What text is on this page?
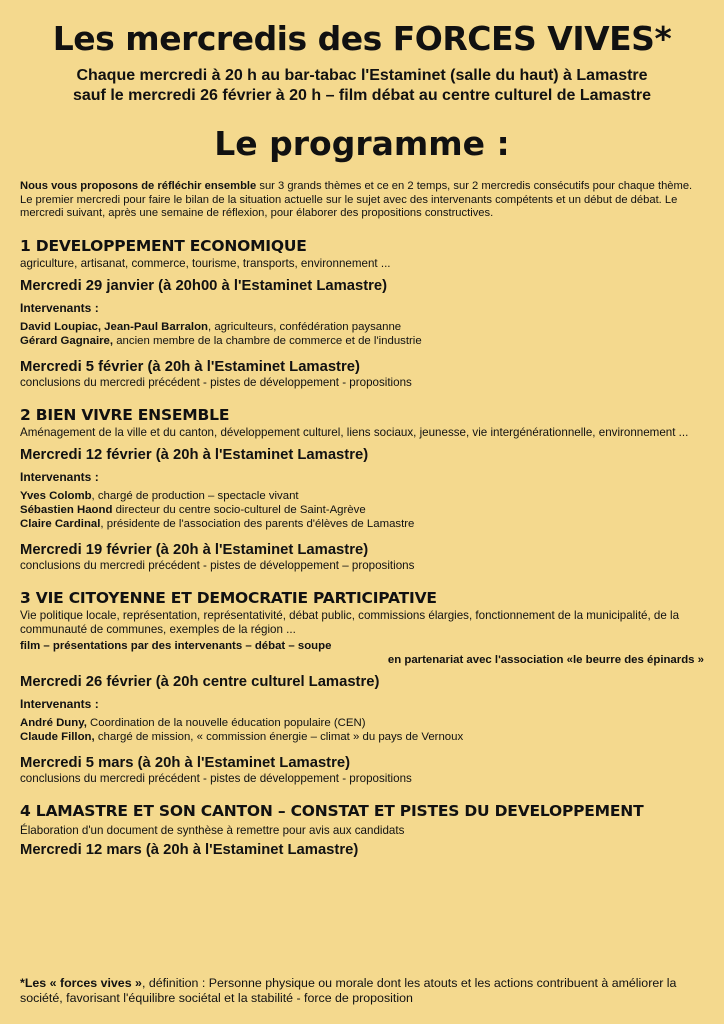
Les mercredis des FORCES VIVES*
Chaque mercredi à 20 h au bar-tabac l'Estaminet (salle du haut) à Lamastre
sauf le mercredi 26 février à 20 h – film débat au centre culturel de Lamastre
Le programme :

Nous vous proposons de réfléchir ensemble sur 3 grands thèmes et ce en 2 temps, sur 2 mercredis consécutifs pour chaque thème. Le premier mercredi pour faire le bilan de la situation actuelle sur le sujet avec des intervenants compétents et un début de débat. Le mercredi suivant, après une semaine de réflexion, pour élaborer des propositions constructives.

1 DEVELOPPEMENT ECONOMIQUE
agriculture, artisanat, commerce, tourisme, transports, environnement ...
Mercredi 29 janvier (à 20h00 à l'Estaminet Lamastre)
Intervenants :
David Loupiac, Jean-Paul Barralon, agriculteurs, confédération paysanne
Gérard Gagnaire, ancien membre de la chambre de commerce et de l'industrie
Mercredi 5 février (à 20h à l'Estaminet Lamastre)
conclusions du mercredi précédent - pistes de développement - propositions
2 BIEN VIVRE ENSEMBLE
Aménagement de la ville et du canton, développement culturel, liens sociaux, jeunesse, vie intergénérationnelle, environnement ...
Mercredi 12 février (à 20h à l'Estaminet Lamastre)
Intervenants :
Yves Colomb, chargé de production – spectacle vivant
Sébastien Haond directeur du centre socio-culturel de Saint-Agrève
Claire Cardinal, présidente de l'association des parents d'élèves de Lamastre
Mercredi 19 février (à 20h à l'Estaminet Lamastre)
conclusions du mercredi précédent - pistes de développement – propositions
3 VIE CITOYENNE ET DEMOCRATIE PARTICIPATIVE
Vie politique locale, représentation, représentativité, débat public, commissions élargies, fonctionnement de la municipalité, de la communauté de communes, exemples de la région ...
film – présentations par des intervenants – débat – soupe
en partenariat avec l'association «le beurre des épinards »
Mercredi 26 février (à 20h centre culturel Lamastre)
Intervenants :
André Duny, Coordination de la nouvelle éducation populaire (CEN)
Claude Fillon, chargé de mission, « commission énergie – climat » du pays de Vernoux
Mercredi 5 mars (à 20h à l'Estaminet Lamastre)
conclusions du mercredi précédent - pistes de développement - propositions
4 LAMASTRE ET SON CANTON – CONSTAT ET PISTES DU DEVELOPPEMENT
Élaboration d'un document de synthèse à remettre pour avis aux candidats
Mercredi 12 mars (à 20h à l'Estaminet Lamastre)
*Les « forces vives », définition : Personne physique ou morale dont les atouts et les actions contribuent à améliorer la société, favorisant l'équilibre sociétal et la stabilité - force de proposition
